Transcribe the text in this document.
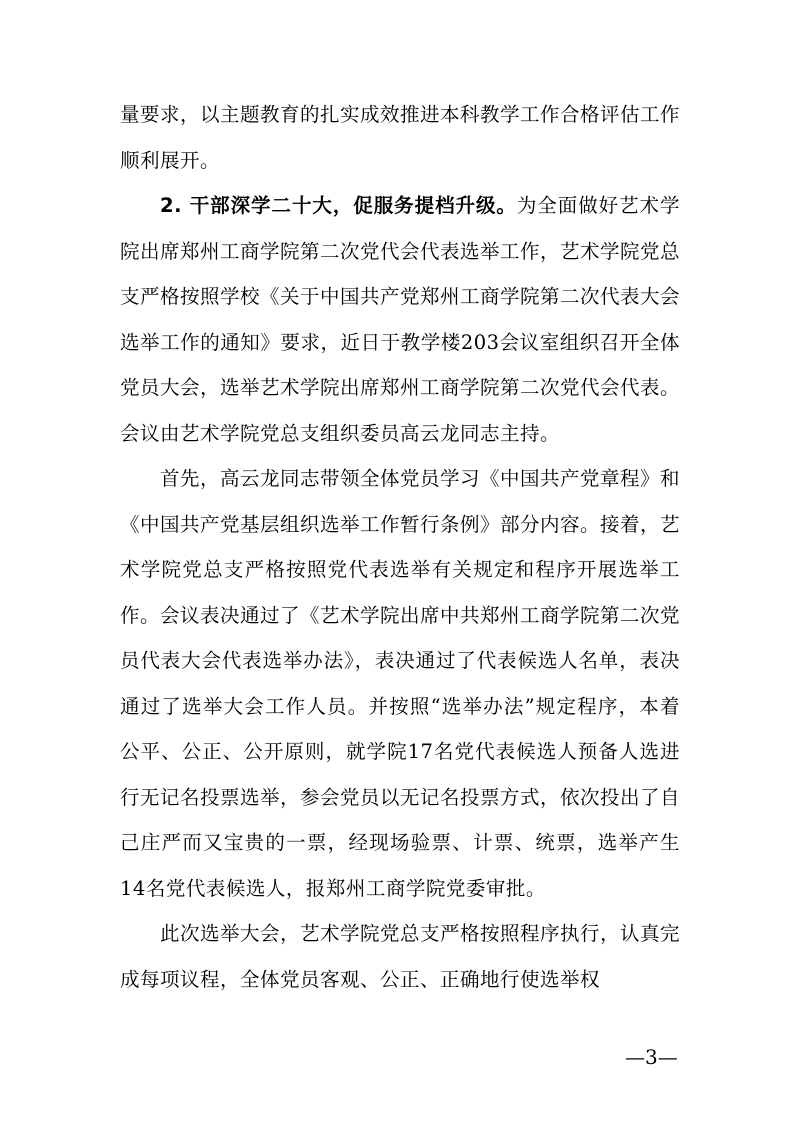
量要求，以主题教育的扎实成效推进本科教学工作合格评估工作顺利展开。

2. 干部深学二十大，促服务提档升级。为全面做好艺术学院出席郑州工商学院第二次党代会代表选举工作，艺术学院党总支严格按照学校《关于中国共产党郑州工商学院第二次代表大会选举工作的通知》要求，近日于教学楼203会议室组织召开全体党员大会，选举艺术学院出席郑州工商学院第二次党代会代表。会议由艺术学院党总支组织委员高云龙同志主持。

首先，高云龙同志带领全体党员学习《中国共产党章程》和《中国共产党基层组织选举工作暂行条例》部分内容。接着，艺术学院党总支严格按照党代表选举有关规定和程序开展选举工作。会议表决通过了《艺术学院出席中共郑州工商学院第二次党员代表大会代表选举办法》，表决通过了代表候选人名单，表决通过了选举大会工作人员。并按照“选举办法”规定程序，本着公平、公正、公开原则，就学院17名党代表候选人预备人选进行无记名投票选举，参会党员以无记名投票方式，依次投出了自己庄严而又宝贵的一票，经现场验票、计票、统票，选举产生14名党代表候选人，报郑州工商学院党委审批。

此次选举大会，艺术学院党总支严格按照程序执行，认真完成每项议程，全体党员客观、公正、正确地行使选举权

—3—
